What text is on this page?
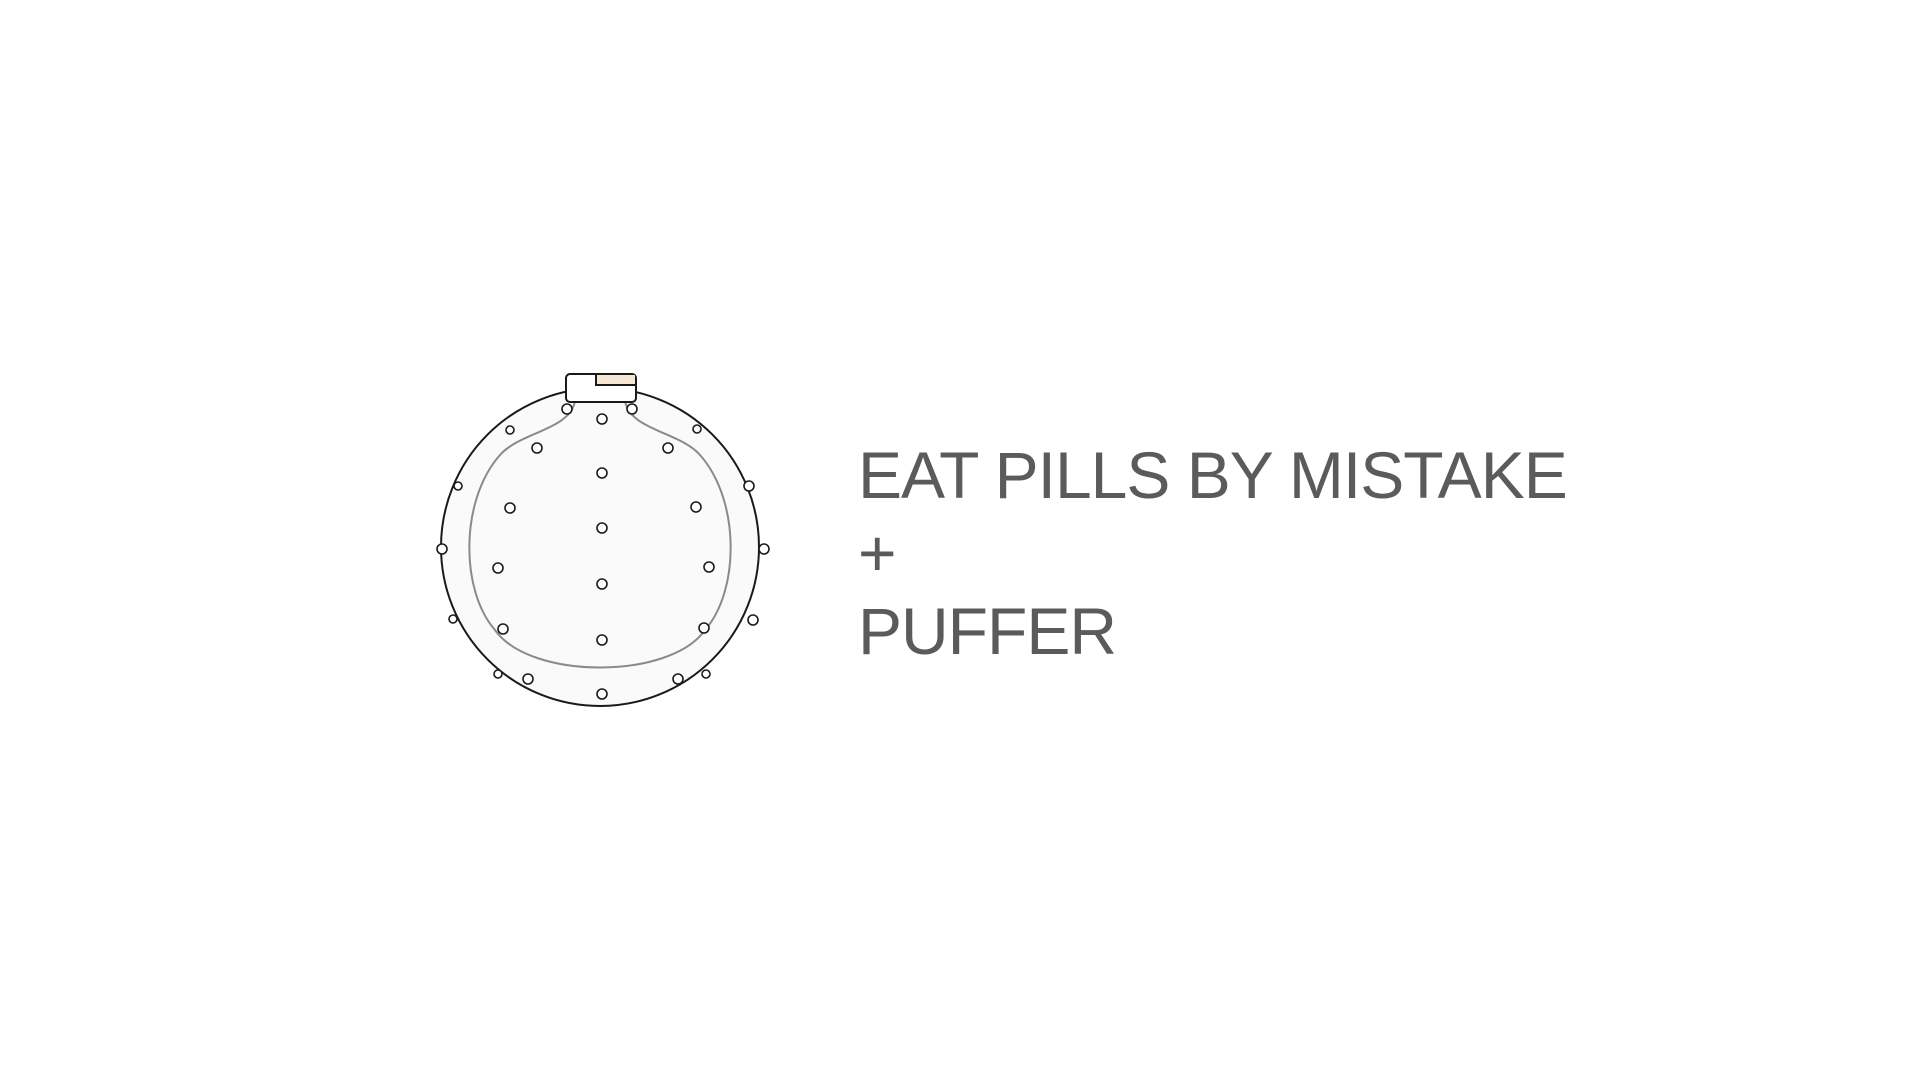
EAT PILLS BY MISTAKE
+
PUFFER
